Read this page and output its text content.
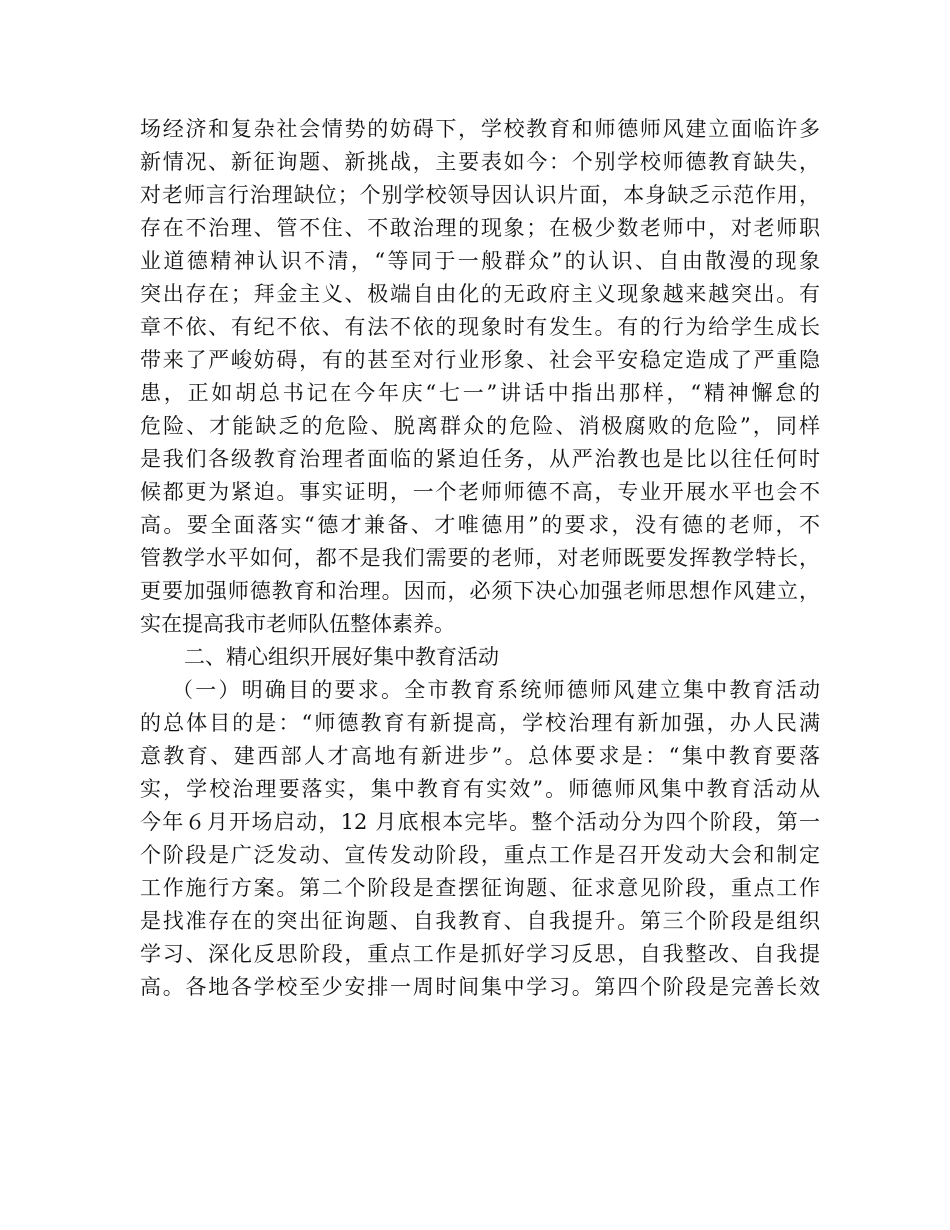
场经济和复杂社会情势的妨碍下，学校教育和师德师风建立面临许多
新情况、新征询题、新挑战，主要表如今：个别学校师德教育缺失，
对老师言行治理缺位；个别学校领导因认识片面，本身缺乏示范作用，
存在不治理、管不住、不敢治理的现象；在极少数老师中，对老师职
业道德精神认识不清，“等同于一般群众”的认识、自由散漫的现象
突出存在；拜金主义、极端自由化的无政府主义现象越来越突出。有
章不依、有纪不依、有法不依的现象时有发生。有的行为给学生成长
带来了严峻妨碍，有的甚至对行业形象、社会平安稳定造成了严重隐
患，正如胡总书记在今年庆“七一”讲话中指出那样，“精神懈怠的
危险、才能缺乏的危险、脱离群众的危险、消极腐败的危险”，同样
是我们各级教育治理者面临的紧迫任务，从严治教也是比以往任何时
候都更为紧迫。事实证明，一个老师师德不高，专业开展水平也会不
高。要全面落实“德才兼备、才唯德用”的要求，没有德的老师，不
管教学水平如何，都不是我们需要的老师，对老师既要发挥教学特长，
更要加强师德教育和治理。因而，必须下决心加强老师思想作风建立，
实在提高我市老师队伍整体素养。
二、精心组织开展好集中教育活动
（一）明确目的要求。全市教育系统师德师风建立集中教育活动
的总体目的是：“师德教育有新提高，学校治理有新加强，办人民满
意教育、建西部人才高地有新进步”。总体要求是：“集中教育要落
实，学校治理要落实，集中教育有实效”。师德师风集中教育活动从
今年６月开场启动，12 月底根本完毕。整个活动分为四个阶段，第一
个阶段是广泛发动、宣传发动阶段，重点工作是召开发动大会和制定
工作施行方案。第二个阶段是查摆征询题、征求意见阶段，重点工作
是找准存在的突出征询题、自我教育、自我提升。第三个阶段是组织
学习、深化反思阶段，重点工作是抓好学习反思，自我整改、自我提
高。各地各学校至少安排一周时间集中学习。第四个阶段是完善长效
